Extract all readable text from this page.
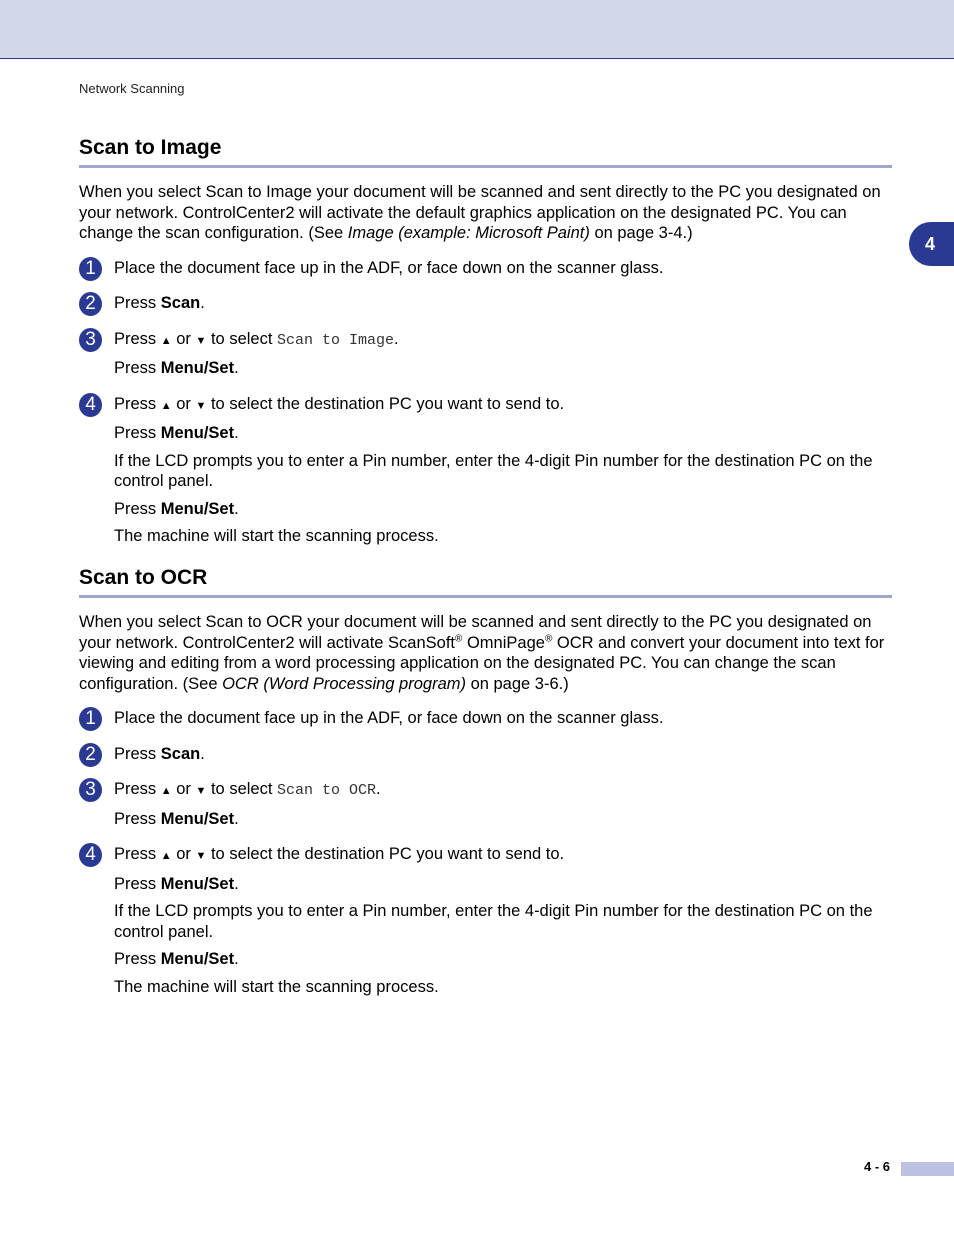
Network Scanning
4
Scan to Image

When you select Scan to Image your document will be scanned and sent directly to the PC you designated on your network. ControlCenter2 will activate the default graphics application on the designated PC. You can change the scan configuration. (See Image (example: Microsoft Paint) on page 3-4.)

1	Place the document face up in the ADF, or face down on the scanner glass.

2	Press Scan.

3	Press ▲ or ▼ to select Scan to Image.

Press Menu/Set.

4	Press ▲ or ▼ to select the destination PC you want to send to.

Press Menu/Set.

If the LCD prompts you to enter a Pin number, enter the 4-digit Pin number for the destination PC on the control panel.

Press Menu/Set.

The machine will start the scanning process.

Scan to OCR

When you select Scan to OCR your document will be scanned and sent directly to the PC you designated on your network. ControlCenter2 will activate ScanSoft® OmniPage® OCR and convert your document into text for viewing and editing from a word processing application on the designated PC. You can change the scan configuration. (See OCR (Word Processing program) on page 3-6.)

1	Place the document face up in the ADF, or face down on the scanner glass.

2	Press Scan.

3	Press ▲ or ▼ to select Scan to OCR.

Press Menu/Set.

4	Press ▲ or ▼ to select the destination PC you want to send to.

Press Menu/Set.

If the LCD prompts you to enter a Pin number, enter the 4-digit Pin number for the destination PC on the control panel.

Press Menu/Set.

The machine will start the scanning process.

4 - 6
